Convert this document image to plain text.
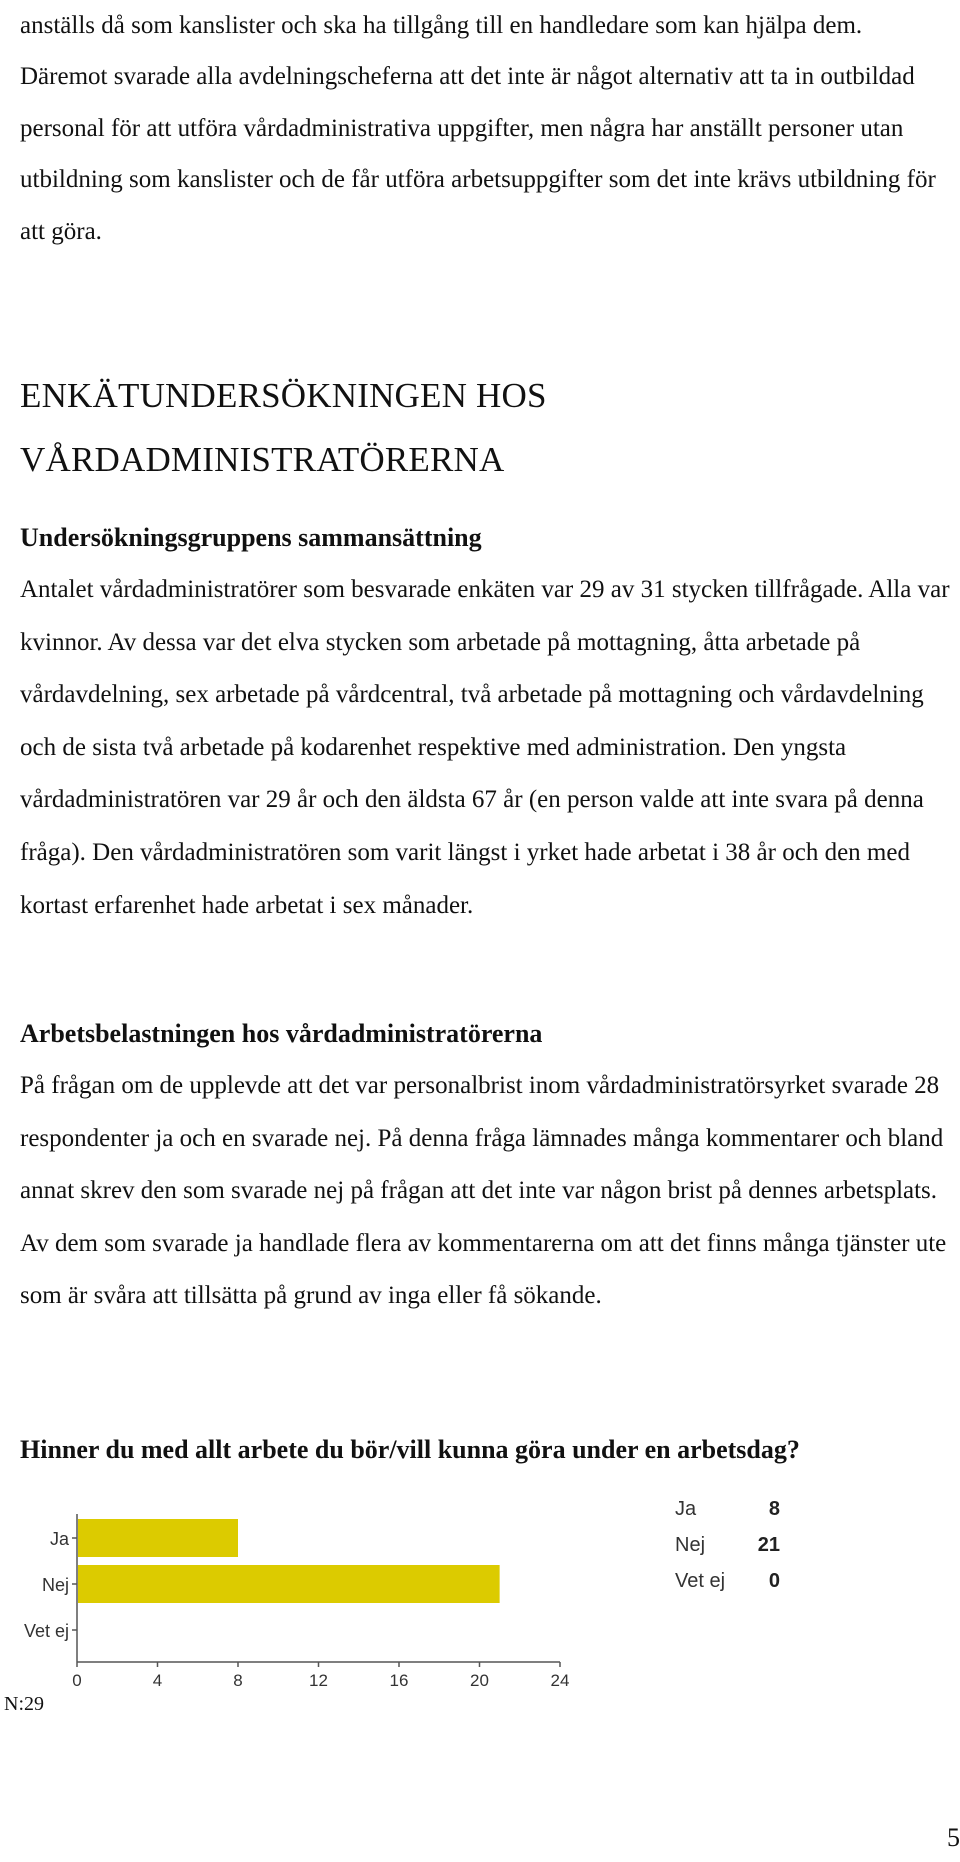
anställs då som kanslister och ska ha tillgång till en handledare som kan hjälpa dem. Däremot svarade alla avdelningscheferna att det inte är något alternativ att ta in outbildad personal för att utföra vårdadministrativa uppgifter, men några har anställt personer utan utbildning som kanslister och de får utföra arbetsuppgifter som det inte krävs utbildning för att göra.

ENKÄTUNDERSÖKNINGEN HOS
VÅRDADMINISTRATÖRERNA
Undersökningsgruppens sammansättning

Antalet vårdadministratörer som besvarade enkäten var 29 av 31 stycken tillfrågade. Alla var kvinnor. Av dessa var det elva stycken som arbetade på mottagning, åtta arbetade på vårdavdelning, sex arbetade på vårdcentral, två arbetade på mottagning och vårdavdelning och de sista två arbetade på kodarenhet respektive med administration. Den yngsta vårdadministratören var 29 år och den äldsta 67 år (en person valde att inte svara på denna fråga). Den vårdadministratören som varit längst i yrket hade arbetat i 38 år och den med kortast erfarenhet hade arbetat i sex månader.

Arbetsbelastningen hos vårdadministratörerna

På frågan om de upplevde att det var personalbrist inom vårdadministratörsyrket svarade 28 respondenter ja och en svarade nej. På denna fråga lämnades många kommentarer och bland annat skrev den som svarade nej på frågan att det inte var någon brist på dennes arbetsplats. Av dem som svarade ja handlade flera av kommentarerna om att det finns många tjänster ute som är svåra att tillsätta på grund av inga eller få sökande.

Hinner du med allt arbete du bör/vill kunna göra under en arbetsdag?
Ja
Nej
Vet ej
0	4	8	12	16	20	24
Ja	8
Nej	21
Vet ej 0

N:29

5
